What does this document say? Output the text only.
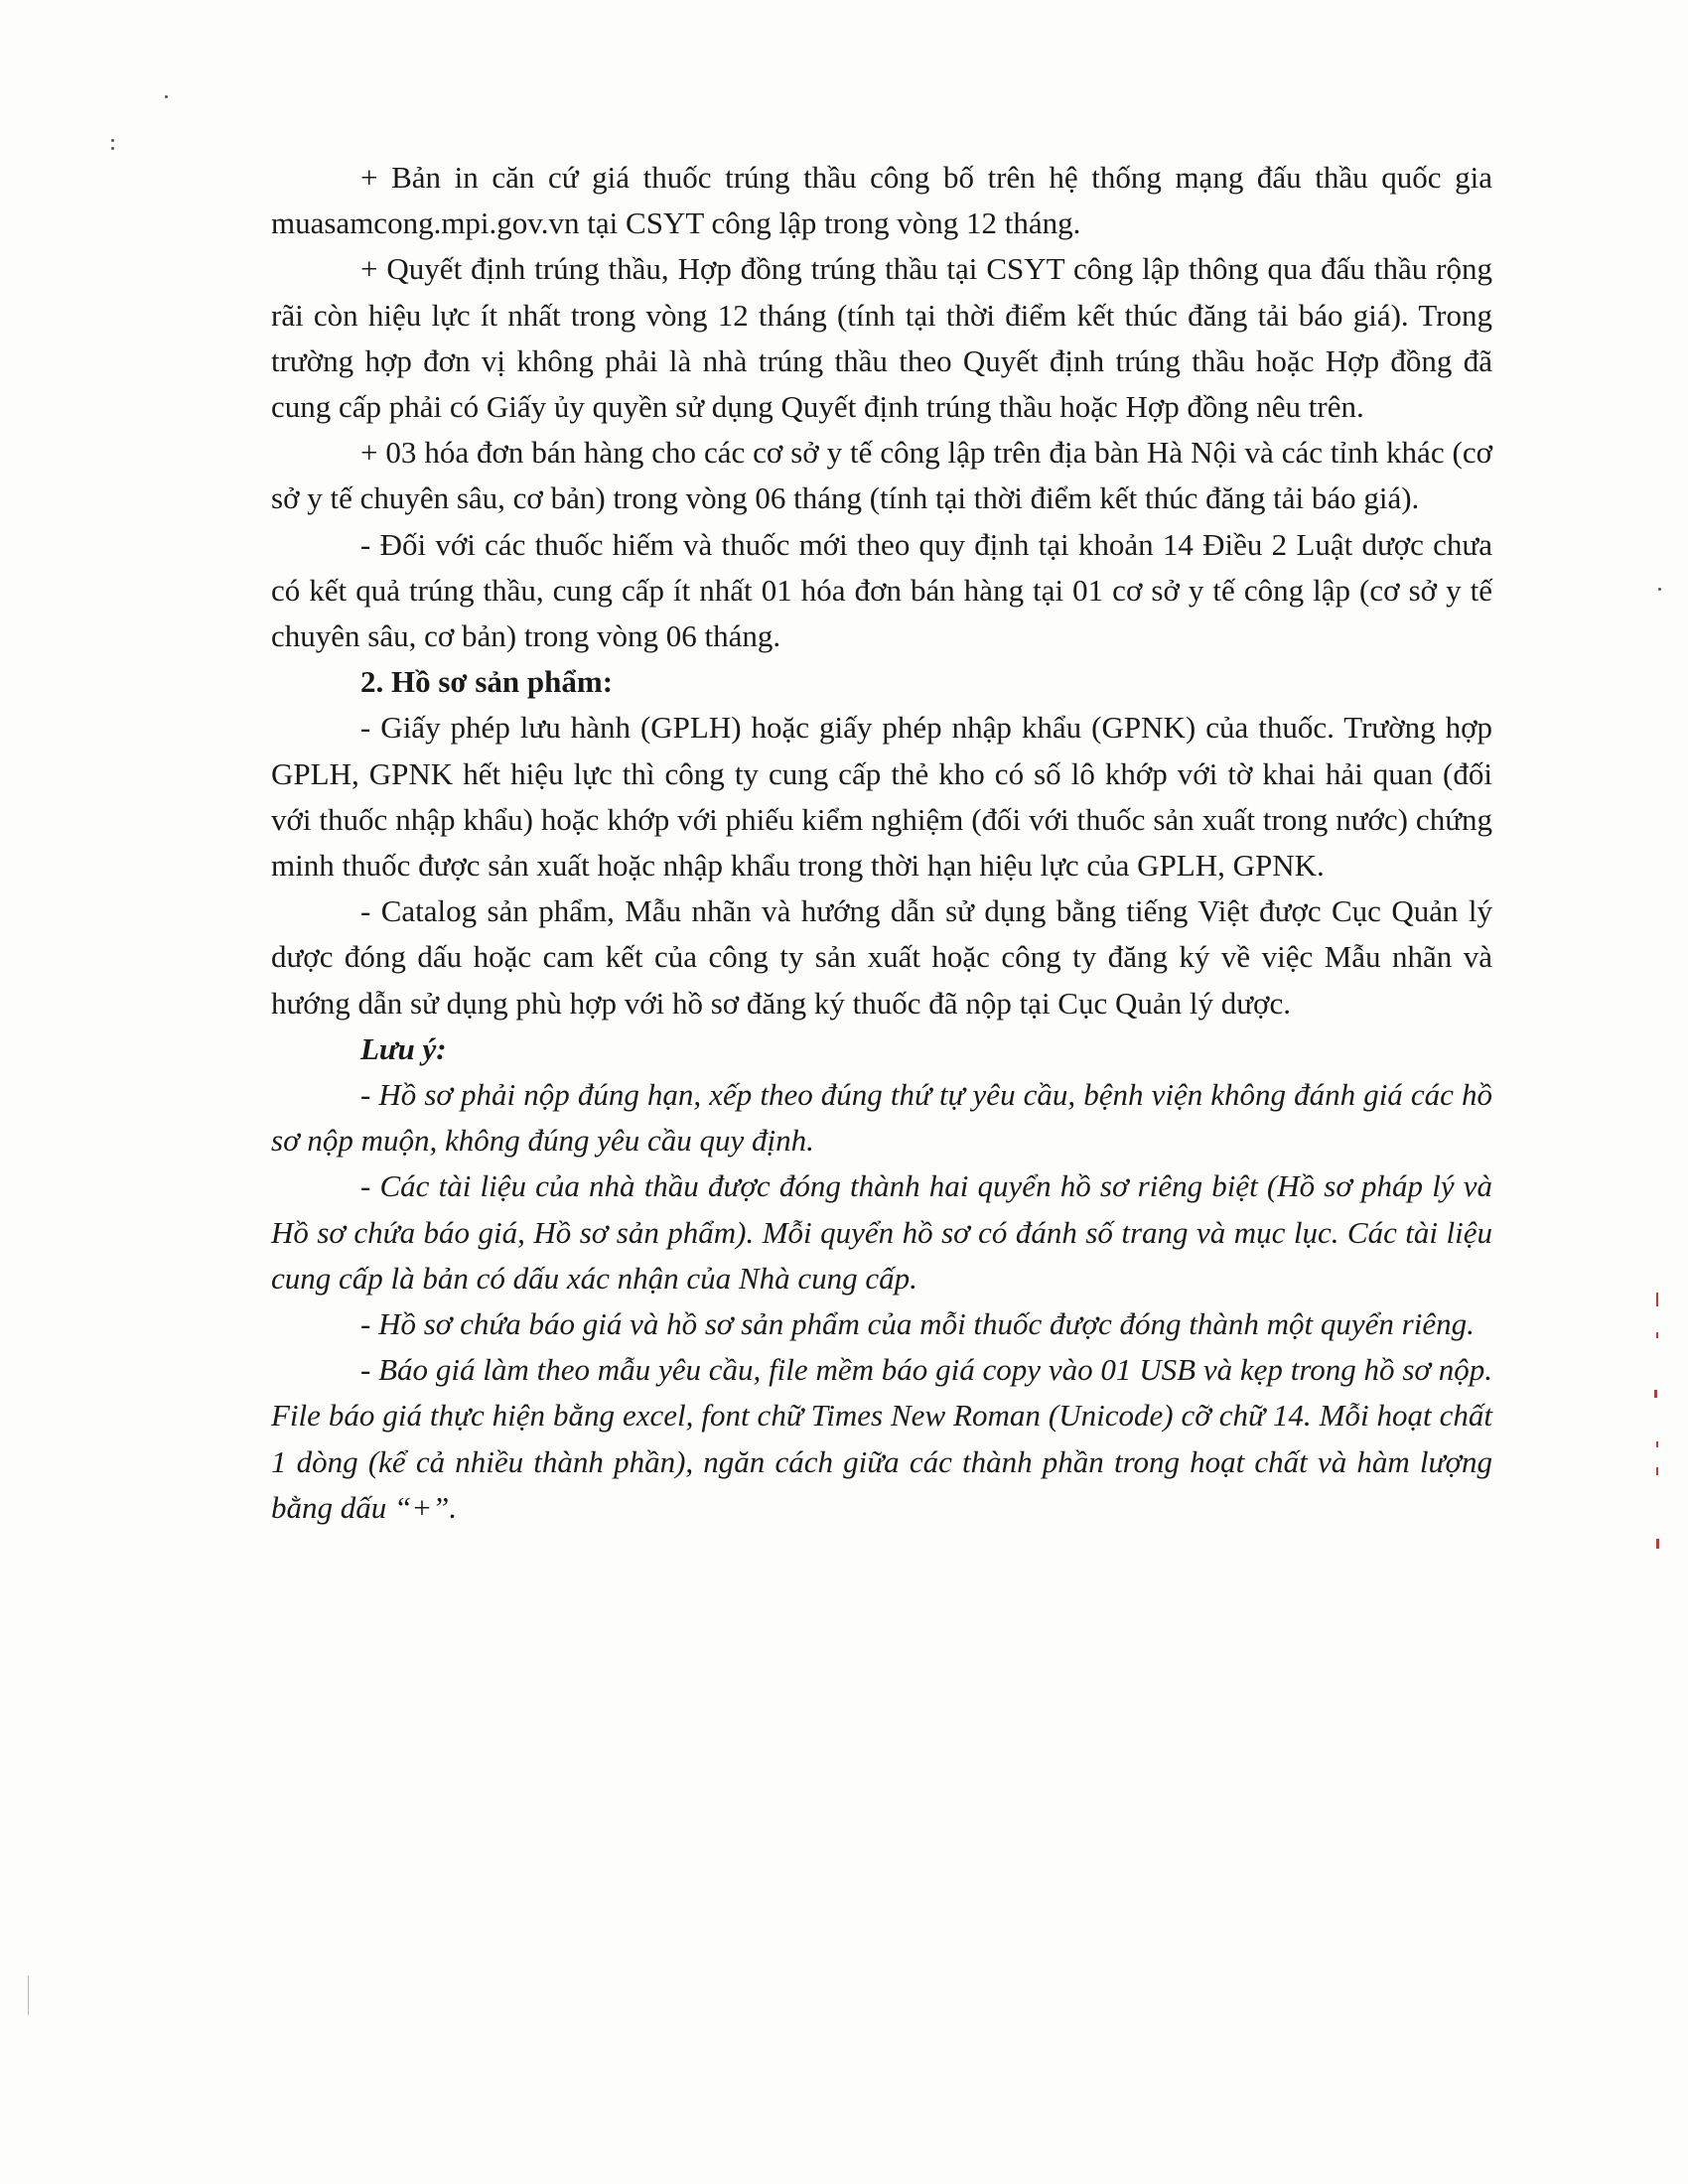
+ Bản in căn cứ giá thuốc trúng thầu công bố trên hệ thống mạng đấu thầu quốc gia muasamcong.mpi.gov.vn tại CSYT công lập trong vòng 12 tháng.

+ Quyết định trúng thầu, Hợp đồng trúng thầu tại CSYT công lập thông qua đấu thầu rộng rãi còn hiệu lực ít nhất trong vòng 12 tháng (tính tại thời điểm kết thúc đăng tải báo giá). Trong trường hợp đơn vị không phải là nhà trúng thầu theo Quyết định trúng thầu hoặc Hợp đồng đã cung cấp phải có Giấy ủy quyền sử dụng Quyết định trúng thầu hoặc Hợp đồng nêu trên.

+ 03 hóa đơn bán hàng cho các cơ sở y tế công lập trên địa bàn Hà Nội và các tỉnh khác (cơ sở y tế chuyên sâu, cơ bản) trong vòng 06 tháng (tính tại thời điểm kết thúc đăng tải báo giá).

- Đối với các thuốc hiếm và thuốc mới theo quy định tại khoản 14 Điều 2 Luật dược chưa có kết quả trúng thầu, cung cấp ít nhất 01 hóa đơn bán hàng tại 01 cơ sở y tế công lập (cơ sở y tế chuyên sâu, cơ bản) trong vòng 06 tháng.

2. Hồ sơ sản phẩm:

- Giấy phép lưu hành (GPLH) hoặc giấy phép nhập khẩu (GPNK) của thuốc. Trường hợp GPLH, GPNK hết hiệu lực thì công ty cung cấp thẻ kho có số lô khớp với tờ khai hải quan (đối với thuốc nhập khẩu) hoặc khớp với phiếu kiểm nghiệm (đối với thuốc sản xuất trong nước) chứng minh thuốc được sản xuất hoặc nhập khẩu trong thời hạn hiệu lực của GPLH, GPNK.

- Catalog sản phẩm, Mẫu nhãn và hướng dẫn sử dụng bằng tiếng Việt được Cục Quản lý dược đóng dấu hoặc cam kết của công ty sản xuất hoặc công ty đăng ký về việc Mẫu nhãn và hướng dẫn sử dụng phù hợp với hồ sơ đăng ký thuốc đã nộp tại Cục Quản lý dược.

Lưu ý:

- Hồ sơ phải nộp đúng hạn, xếp theo đúng thứ tự yêu cầu, bệnh viện không đánh giá các hồ sơ nộp muộn, không đúng yêu cầu quy định.

- Các tài liệu của nhà thầu được đóng thành hai quyển hồ sơ riêng biệt (Hồ sơ pháp lý và Hồ sơ chứa báo giá, Hồ sơ sản phẩm). Mỗi quyển hồ sơ có đánh số trang và mục lục. Các tài liệu cung cấp là bản có dấu xác nhận của Nhà cung cấp.

- Hồ sơ chứa báo giá và hồ sơ sản phẩm của mỗi thuốc được đóng thành một quyển riêng.

- Báo giá làm theo mẫu yêu cầu, file mềm báo giá copy vào 01 USB và kẹp trong hồ sơ nộp. File báo giá thực hiện bằng excel, font chữ Times New Roman (Unicode) cỡ chữ 14. Mỗi hoạt chất 1 dòng (kể cả nhiều thành phần), ngăn cách giữa các thành phần trong hoạt chất và hàm lượng bằng dấu “+”.
